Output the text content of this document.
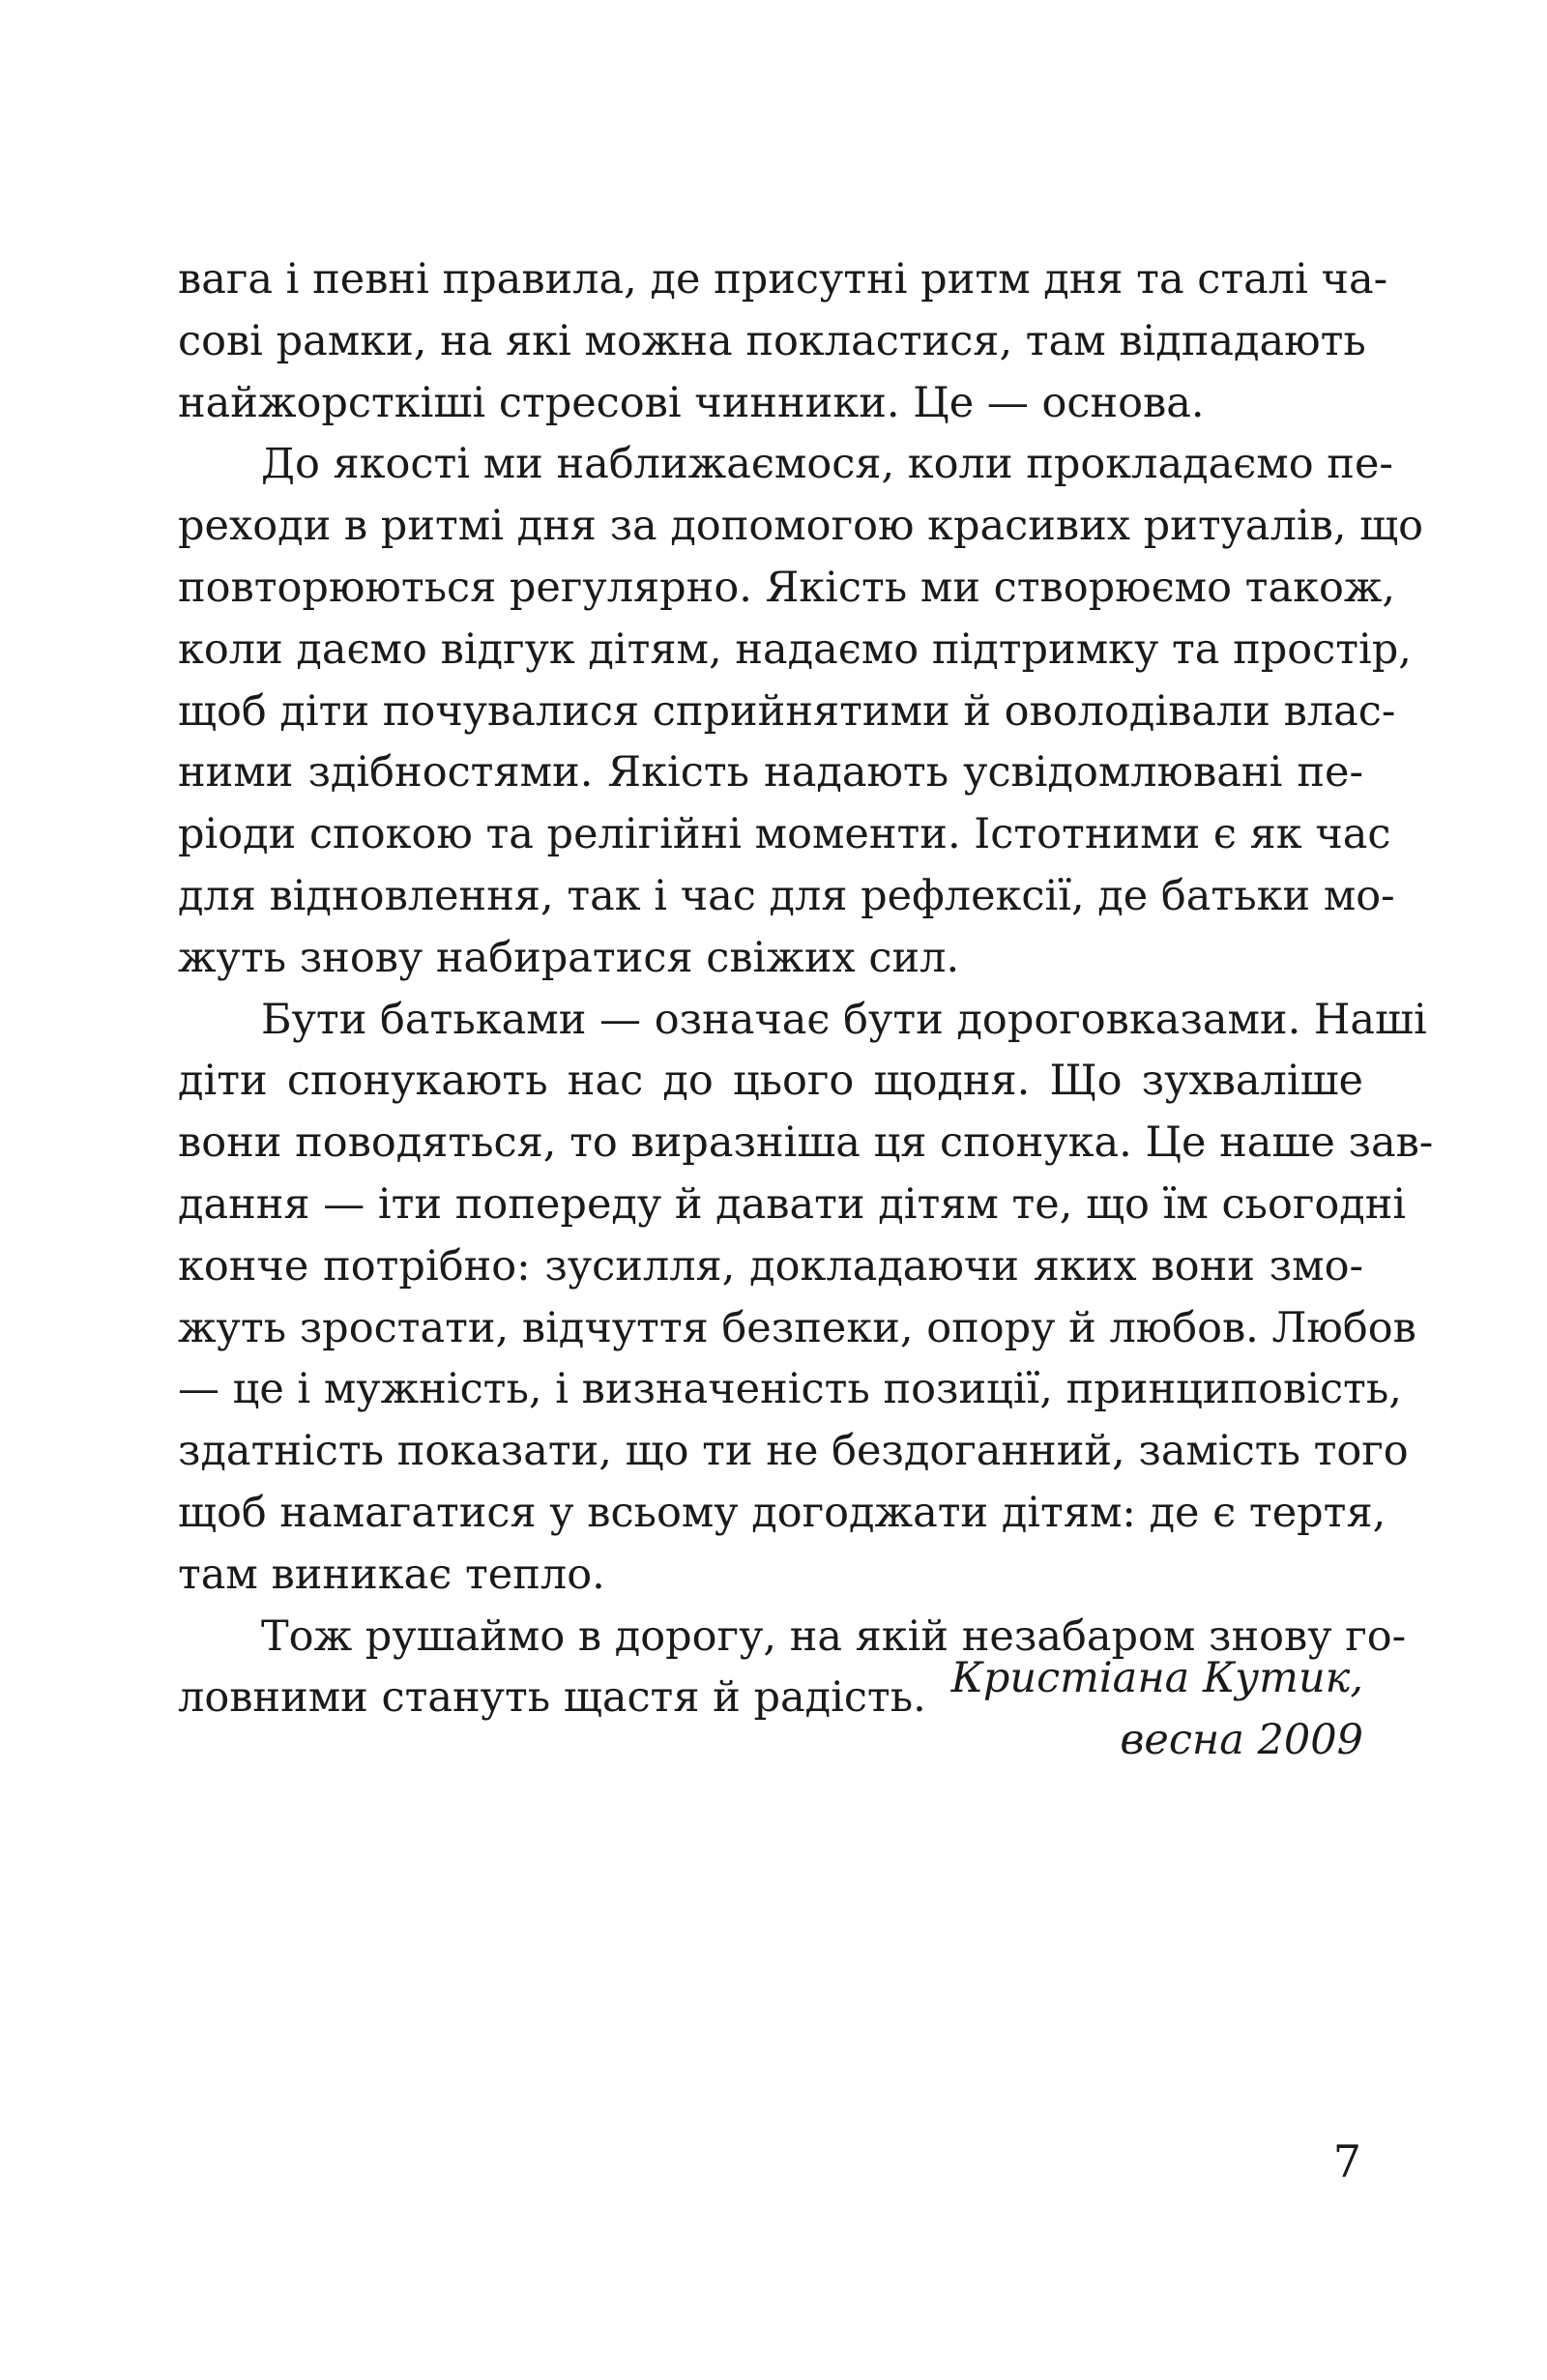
вага і певні правила, де присутні ритм дня та сталі ча-
сові рамки, на які можна покластися, там відпадають
найжорсткіші стресові чинники. Це — основа.
До якості ми наближаємося, коли прокладаємо пе-
реходи в ритмі дня за допомогою красивих ритуалів, що
повторюються регулярно. Якість ми створюємо також,
коли даємо відгук дітям, надаємо підтримку та простір,
щоб діти почувалися сприйнятими й оволодівали влас-
ними здібностями. Якість надають усвідомлювані пе-
ріоди спокою та релігійні моменти. Істотними є як час
для відновлення, так і час для рефлексії, де батьки мо-
жуть знову набиратися свіжих сил.
Бути батьками — означає бути дороговказами. Наші
діти спонукають нас до цього щодня. Що зухваліше
вони поводяться, то виразніша ця спонука. Це наше зав-
дання — іти попереду й давати дітям те, що їм сьогодні
конче потрібно: зусилля, докладаючи яких вони змо-
жуть зростати, відчуття безпеки, опору й любов. Любов
— це і мужність, і визначеність позиції, принциповість,
здатність показати, що ти не бездоганний, замість того
щоб намагатися у всьому догоджати дітям: де є тертя,
там виникає тепло.
Тож рушаймо в дорогу, на якій незабаром знову го-
ловними стануть щастя й радість. Кристіана Кутик,
весна 2009
7
